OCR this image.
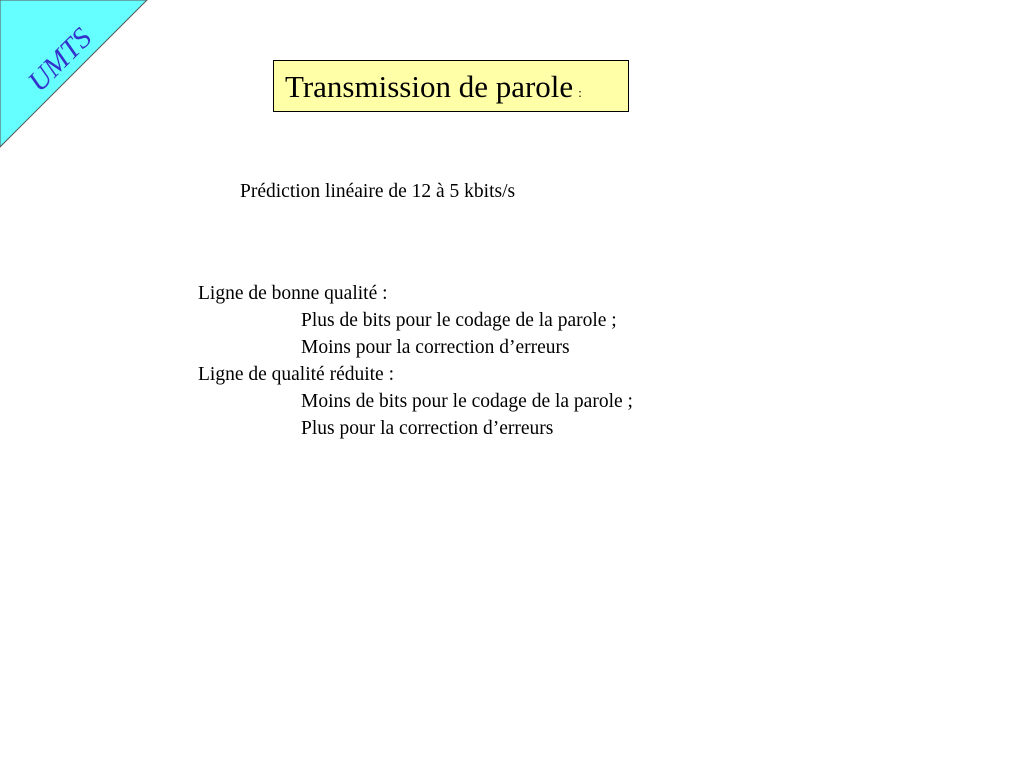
UMTS	Transmission de parole :
Prédiction linéaire de 12 à 5 kbits/s
Ligne de bonne qualité :
Plus de bits pour le codage de la parole ;
Moins pour la correction d’erreurs
Ligne de qualité réduite :
Moins de bits pour le codage de la parole ;
Plus pour la correction d’erreurs
